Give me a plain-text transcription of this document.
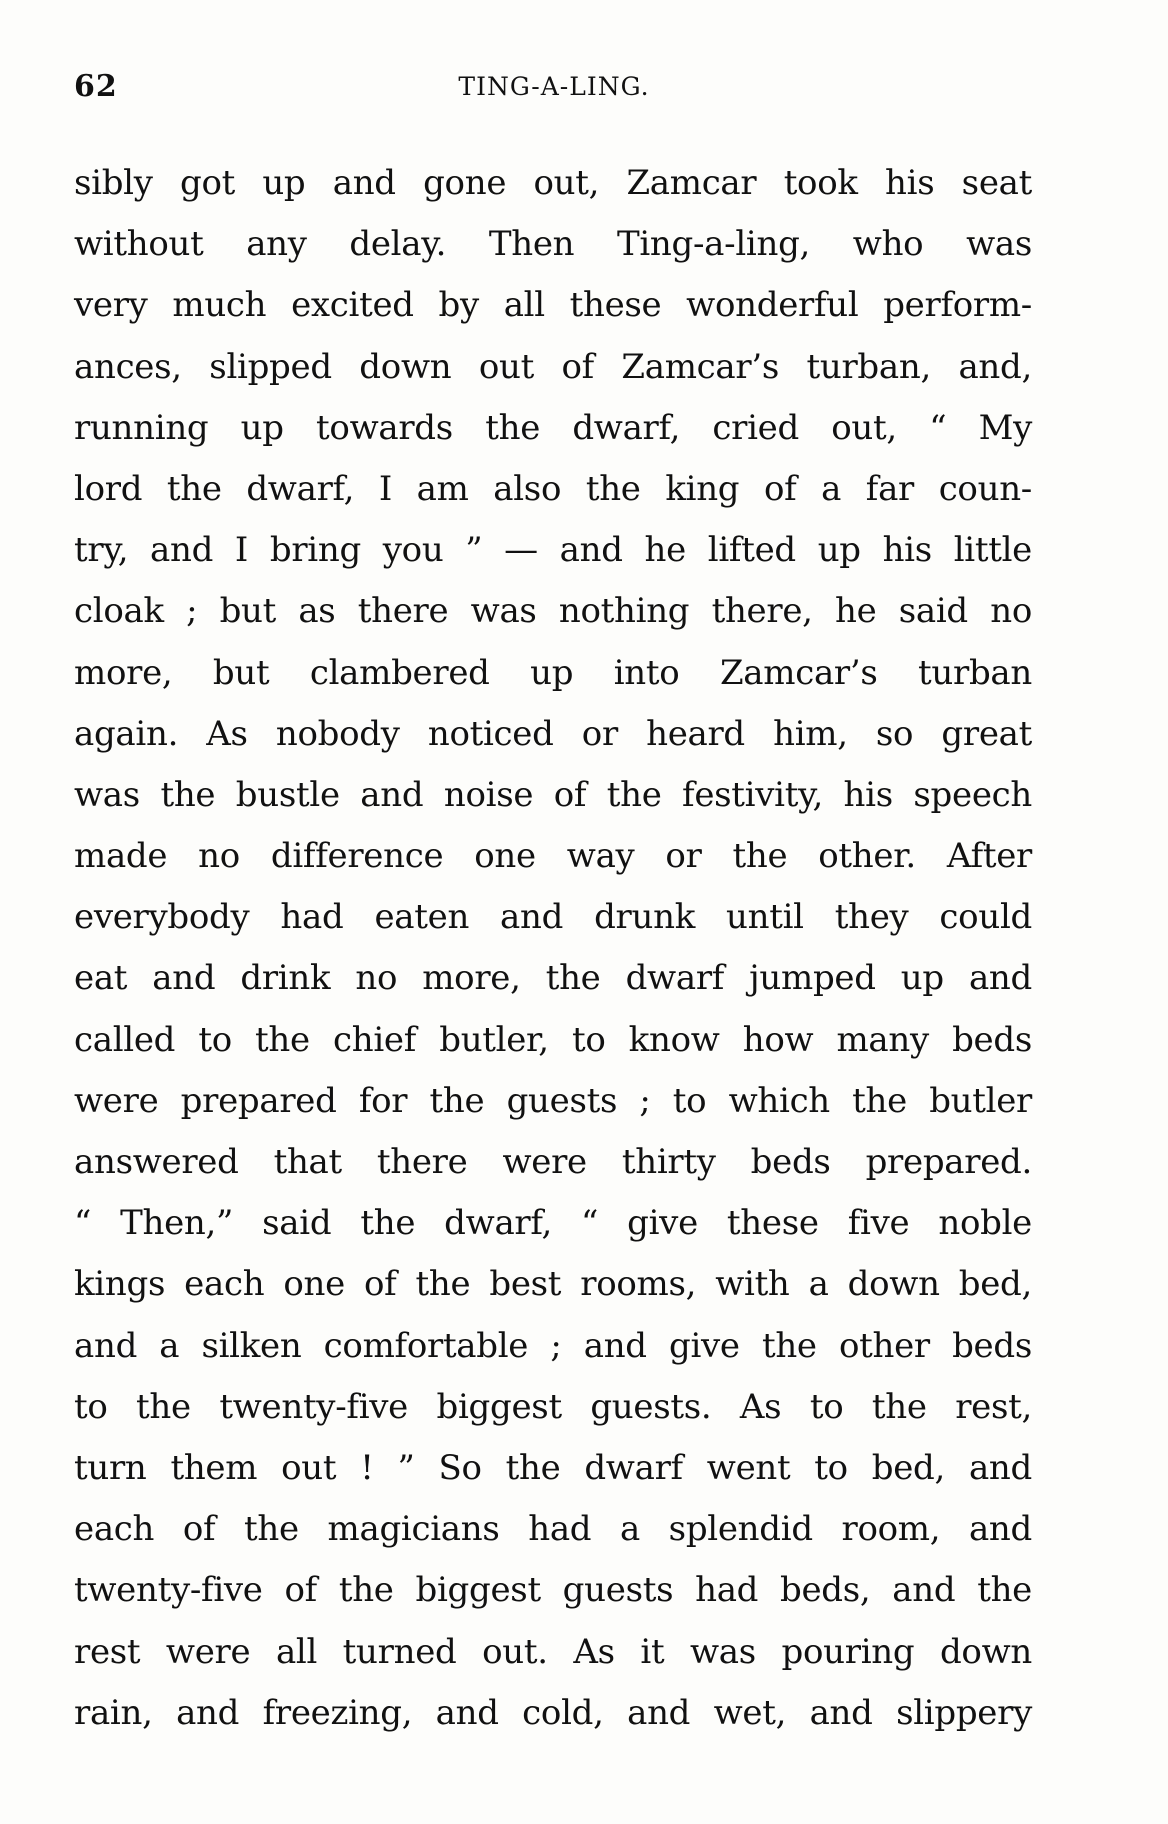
62	TING-A-LING.
sibly got up and gone out, Zamcar took his seat
without any delay. Then Ting-a-ling, who was
very much excited by all these wonderful perform-
ances, slipped down out of Zamcar’s turban, and,
running up towards the dwarf, cried out, “ My
lord the dwarf, I am also the king of a far coun-
try, and I bring you ” — and he lifted up his little
cloak ; but as there was nothing there, he said no
more, but clambered up into Zamcar’s turban
again. As nobody noticed or heard him, so great
was the bustle and noise of the festivity, his speech
made no difference one way or the other. After
everybody had eaten and drunk until they could
eat and drink no more, the dwarf jumped up and
called to the chief butler, to know how many beds
were prepared for the guests ; to which the butler
answered that there were thirty beds prepared.
“ Then,” said the dwarf, “ give these five noble
kings each one of the best rooms, with a down bed,
and a silken comfortable ; and give the other beds
to the twenty-five biggest guests. As to the rest,
turn them out ! ” So the dwarf went to bed, and
each of the magicians had a splendid room, and
twenty-five of the biggest guests had beds, and the
rest were all turned out. As it was pouring down
rain, and freezing, and cold, and wet, and slippery
